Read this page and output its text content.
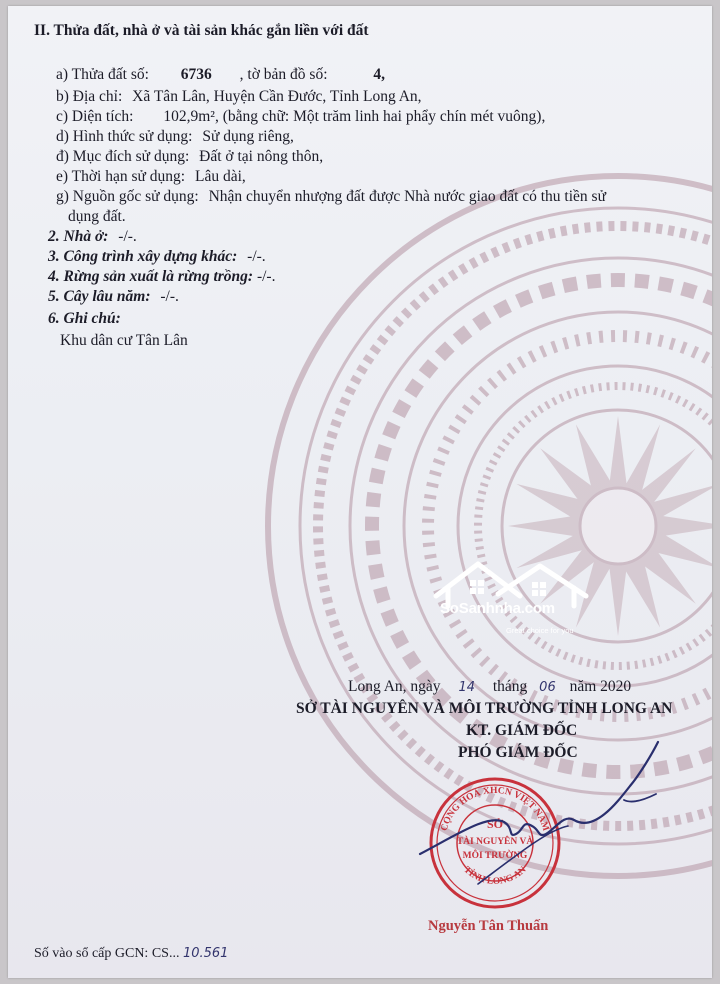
II. Thửa đất, nhà ở và tài sản khác gắn liền với đất
a) Thửa đất số: 6736 , tờ bản đồ số:	4,
b) Địa chỉ: Xã Tân Lân, Huyện Cần Đước, Tỉnh Long An,
c) Diện tích: 102,9m², (bằng chữ: Một trăm linh hai phẩy chín mét vuông),
d) Hình thức sử dụng: Sử dụng riêng,
đ) Mục đích sử dụng: Đất ở tại nông thôn,
e) Thời hạn sử dụng: Lâu dài,
g) Nguồn gốc sử dụng: Nhận chuyển nhượng đất được Nhà nước giao đất có thu tiền sử
dụng đất.
2. Nhà ở: -/-.
3. Công trình xây dựng khác: -/-.
4. Rừng sản xuất là rừng trồng: -/-.
5. Cây lâu năm: -/-.
6. Ghi chú:
Khu dân cư Tân Lân
SoSanhnha.com
Great choice for you
Long An, ngày 14 tháng 06 năm 2020
SỞ TÀI NGUYÊN VÀ MÔI TRƯỜNG TỈNH LONG AN
KT. GIÁM ĐỐC
PHÓ GIÁM ĐỐC
CỘNG HOÀ XHCN VIỆT NAM
TỈNH LONG AN
SỞ
TÀI NGUYÊN VÀ
MÔI TRƯỜNG
Nguyễn Tân Thuấn
Số vào sổ cấp GCN: CS... 10.561
